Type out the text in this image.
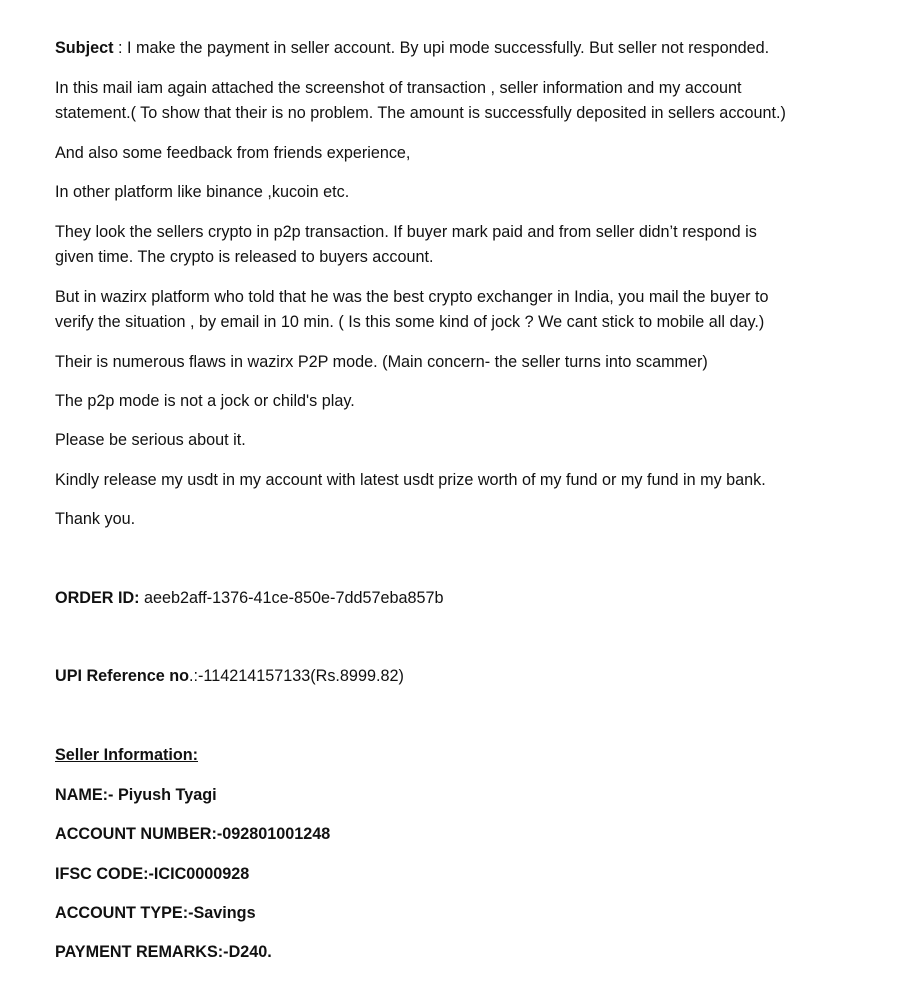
Subject : I make the payment in seller account. By upi mode successfully. But seller not responded.
In this mail iam again attached the screenshot of transaction , seller information and my account
statement.( To show that their is no problem. The amount is successfully deposited in sellers account.)
And also some feedback from friends experience,
In other platform like binance ,kucoin etc.
They look the sellers crypto in p2p transaction. If buyer mark paid and from seller didn’t respond is
given time. The crypto is released to buyers account.
But in wazirx platform who told that he was the best crypto exchanger in India, you mail the buyer to
verify the situation , by email in 10 min. ( Is this some kind of jock ? We cant stick to mobile all day.)
Their is numerous flaws in wazirx P2P mode. (Main concern- the seller turns into scammer)
The p2p mode is not a jock or child's play.
Please be serious about it.
Kindly release my usdt in my account with latest usdt prize worth of my fund or my fund in my bank.
Thank you.
ORDER ID: aeeb2aff-1376-41ce-850e-7dd57eba857b
UPI Reference no.:-114214157133(Rs.8999.82)
Seller Information:
NAME:- Piyush Tyagi
ACCOUNT NUMBER:-092801001248
IFSC CODE:-ICIC0000928
ACCOUNT TYPE:-Savings
PAYMENT REMARKS:-D240.
